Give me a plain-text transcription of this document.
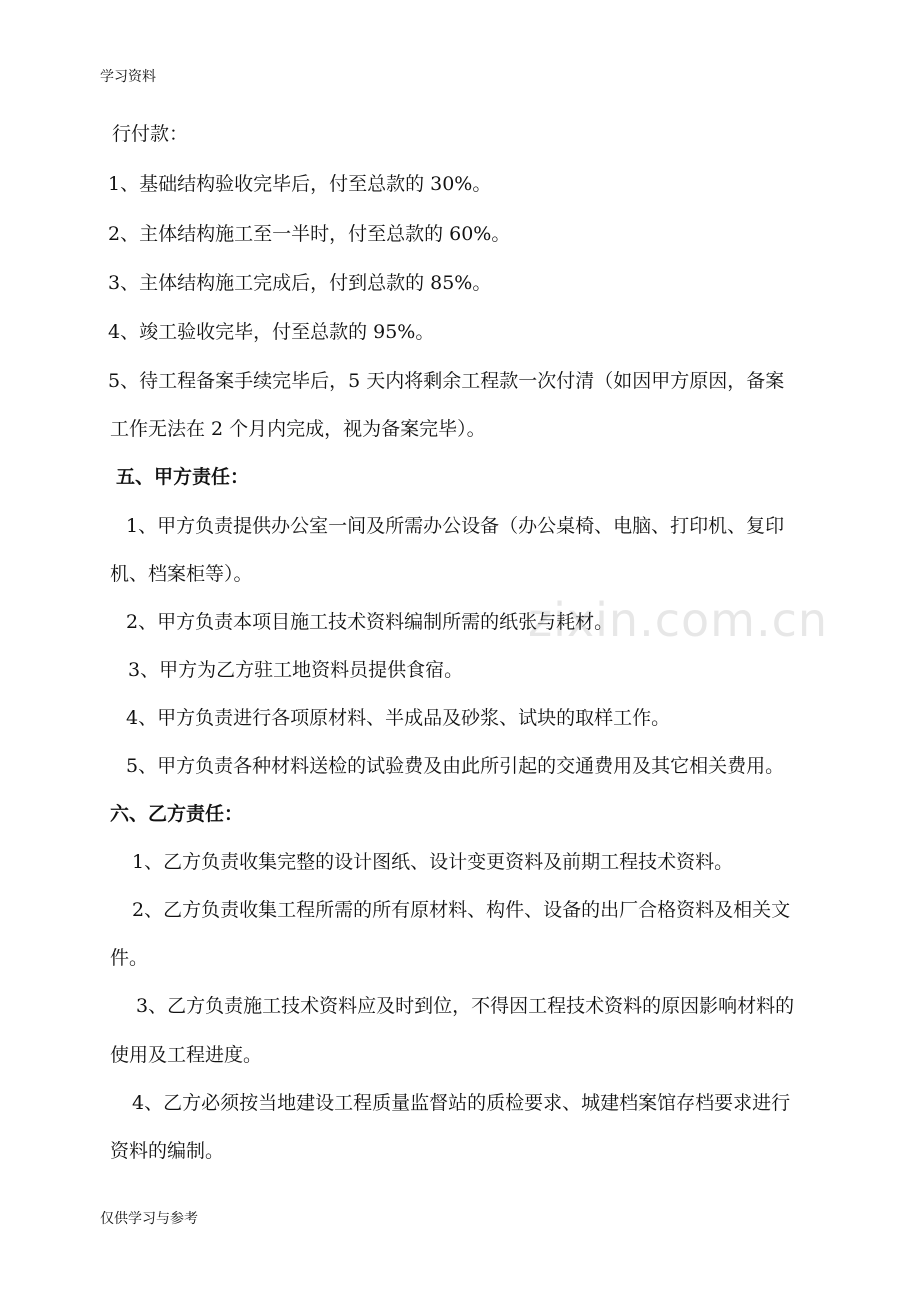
学习资料
zixin.com.cn
行付款：
1、基础结构验收完毕后，付至总款的 30%。
2、主体结构施工至一半时，付至总款的 60%。
3、主体结构施工完成后，付到总款的 85%。
4、竣工验收完毕，付至总款的 95%。
5、待工程备案手续完毕后，5 天内将剩余工程款一次付清（如因甲方原因，备案
工作无法在 2 个月内完成，视为备案完毕）。
五、甲方责任：
1、甲方负责提供办公室一间及所需办公设备（办公桌椅、电脑、打印机、复印
机、档案柜等）。
2、甲方负责本项目施工技术资料编制所需的纸张与耗材。
3、甲方为乙方驻工地资料员提供食宿。
4、甲方负责进行各项原材料、半成品及砂浆、试块的取样工作。
5、甲方负责各种材料送检的试验费及由此所引起的交通费用及其它相关费用。
六、乙方责任：
1、乙方负责收集完整的设计图纸、设计变更资料及前期工程技术资料。
2、乙方负责收集工程所需的所有原材料、构件、设备的出厂合格资料及相关文
件。
3、乙方负责施工技术资料应及时到位，不得因工程技术资料的原因影响材料的
使用及工程进度。
4、乙方必须按当地建设工程质量监督站的质检要求、城建档案馆存档要求进行
资料的编制。
仅供学习与参考
